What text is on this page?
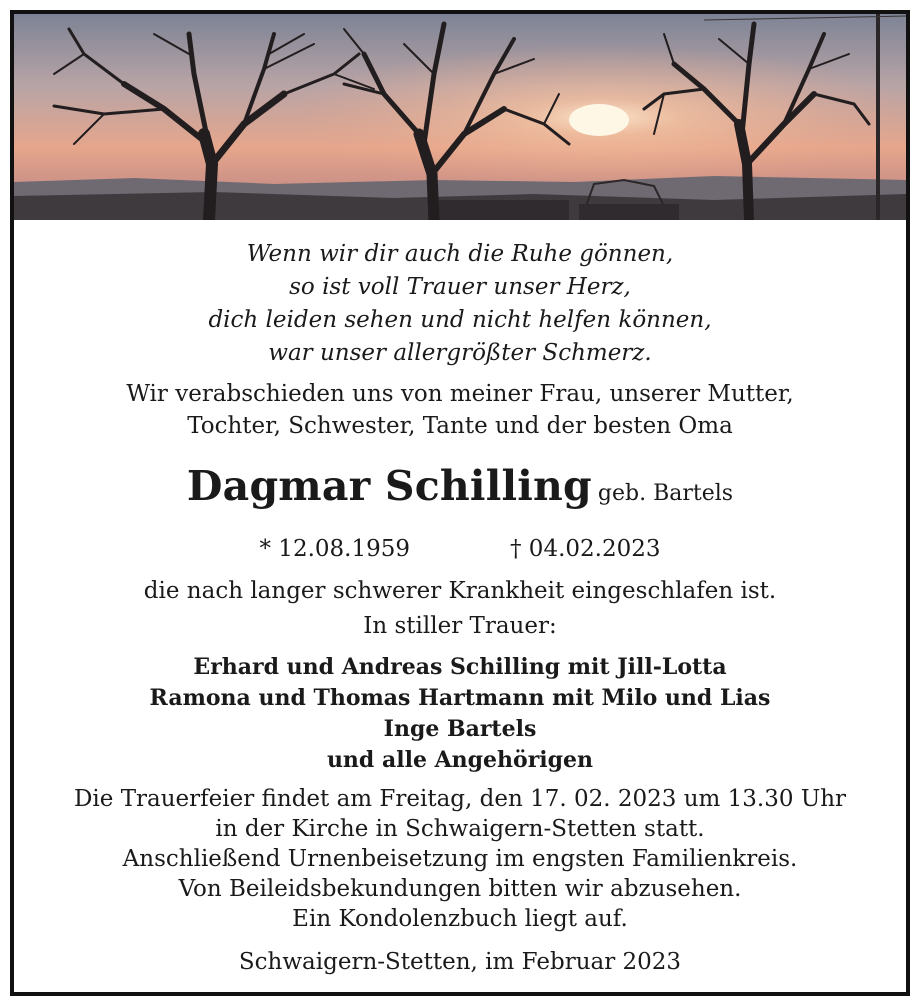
Wenn wir dir auch die Ruhe gönnen,
so ist voll Trauer unser Herz,
dich leiden sehen und nicht helfen können,
war unser allergrößter Schmerz.
Wir verabschieden uns von meiner Frau, unserer Mutter,
Tochter, Schwester, Tante und der besten Oma
Dagmar Schilling geb. Bartels
* 12.08.1959	† 04.02.2023
die nach langer schwerer Krankheit eingeschlafen ist.
In stiller Trauer:
Erhard und Andreas Schilling mit Jill-Lotta
Ramona und Thomas Hartmann mit Milo und Lias
Inge Bartels
und alle Angehörigen
Die Trauerfeier findet am Freitag, den 17. 02. 2023 um 13.30 Uhr
in der Kirche in Schwaigern-Stetten statt.
Anschließend Urnenbeisetzung im engsten Familienkreis.
Von Beileidsbekundungen bitten wir abzusehen.
Ein Kondolenzbuch liegt auf.
Schwaigern-Stetten, im Februar 2023
